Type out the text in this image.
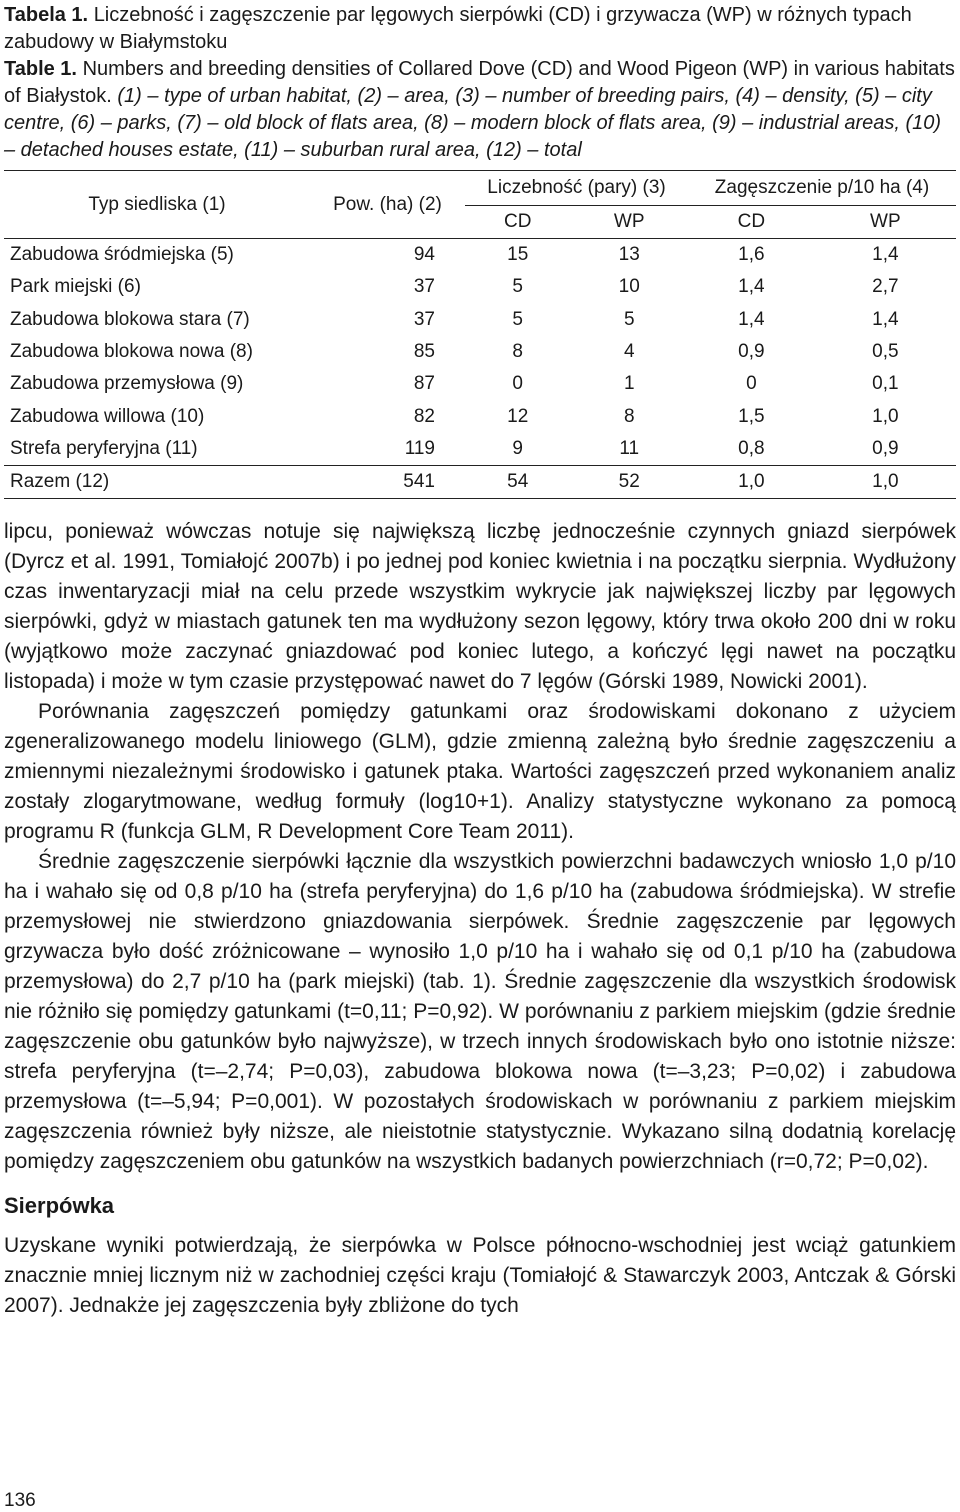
Tabela 1. Liczebność i zagęszczenie par lęgowych sierpówki (CD) i grzywacza (WP) w różnych typach zabudowy w Białymstoku
Table 1. Numbers and breeding densities of Collared Dove (CD) and Wood Pigeon (WP) in various habitats of Białystok. (1) – type of urban habitat, (2) – area, (3) – number of breeding pairs, (4) – density, (5) – city centre, (6) – parks, (7) – old block of flats area, (8) – modern block of flats area, (9) – industrial areas, (10) – detached houses estate, (11) – suburban rural area, (12) – total
Typ siedliska (1)	Pow. (ha) (2)	Liczebność (pary) (3)		Zagęszczenie p/10 ha (4)	
		CD	WP	CD	WP
Zabudowa śródmiejska (5)	94	15	13	1,6	1,4
Park miejski (6)	37	5	10	1,4	2,7
Zabudowa blokowa stara (7)	37	5	5	1,4	1,4
Zabudowa blokowa nowa (8)	85	8	4	0,9	0,5
Zabudowa przemysłowa (9)	87	0	1	0	0,1
Zabudowa willowa (10)	82	12	8	1,5	1,0
Strefa peryferyjna (11)	119	9	11	0,8	0,9
Razem (12)	541	54	52	1,0	1,0

lipcu, ponieważ wówczas notuje się największą liczbę jednocześnie czynnych gniazd sierpówek (Dyrcz et al. 1991, Tomiałojć 2007b) i po jednej pod koniec kwietnia i na początku sierpnia. Wydłużony czas inwentaryzacji miał na celu przede wszystkim wykrycie jak największej liczby par lęgowych sierpówki, gdyż w miastach gatunek ten ma wydłużony sezon lęgowy, który trwa około 200 dni w roku (wyjątkowo może zaczynać gniazdować pod koniec lutego, a kończyć lęgi nawet na początku listopada) i może w tym czasie przystępować nawet do 7 lęgów (Górski 1989, Nowicki 2001).

Porównania zagęszczeń pomiędzy gatunkami oraz środowiskami dokonano z użyciem zgeneralizowanego modelu liniowego (GLM), gdzie zmienną zależną było średnie zagęszczeniu a zmiennymi niezależnymi środowisko i gatunek ptaka. Wartości zagęszczeń przed wykonaniem analiz zostały zlogarytmowane, według formuły (log10+1). Analizy statystyczne wykonano za pomocą programu R (funkcja GLM, R Development Core Team 2011).

Średnie zagęszczenie sierpówki łącznie dla wszystkich powierzchni badawczych wniosło 1,0 p/10 ha i wahało się od 0,8 p/10 ha (strefa peryferyjna) do 1,6 p/10 ha (zabudowa śródmiejska). W strefie przemysłowej nie stwierdzono gniazdowania sierpówek. Średnie zagęszczenie par lęgowych grzywacza było dość zróżnicowane – wynosiło 1,0 p/10 ha i wahało się od 0,1 p/10 ha (zabudowa przemysłowa) do 2,7 p/10 ha (park miejski) (tab. 1). Średnie zagęszczenie dla wszystkich środowisk nie różniło się pomiędzy gatunkami (t=0,11; P=0,92). W porównaniu z parkiem miejskim (gdzie średnie zagęszczenie obu gatunków było najwyższe), w trzech innych środowiskach było ono istotnie niższe: strefa peryferyjna (t=–2,74; P=0,03), zabudowa blokowa nowa (t=–3,23; P=0,02) i zabudowa przemysłowa (t=–5,94; P=0,001). W pozostałych środowiskach w porównaniu z parkiem miejskim zagęszczenia również były niższe, ale nieistotnie statystycznie. Wykazano silną dodatnią korelację pomiędzy zagęszczeniem obu gatunków na wszystkich badanych powierzchniach (r=0,72; P=0,02).

Sierpówka

Uzyskane wyniki potwierdzają, że sierpówka w Polsce północno-wschodniej jest wciąż gatunkiem znacznie mniej licznym niż w zachodniej części kraju (Tomiałojć & Stawarczyk 2003, Antczak & Górski 2007). Jednakże jej zagęszczenia były zbliżone do tych

136
